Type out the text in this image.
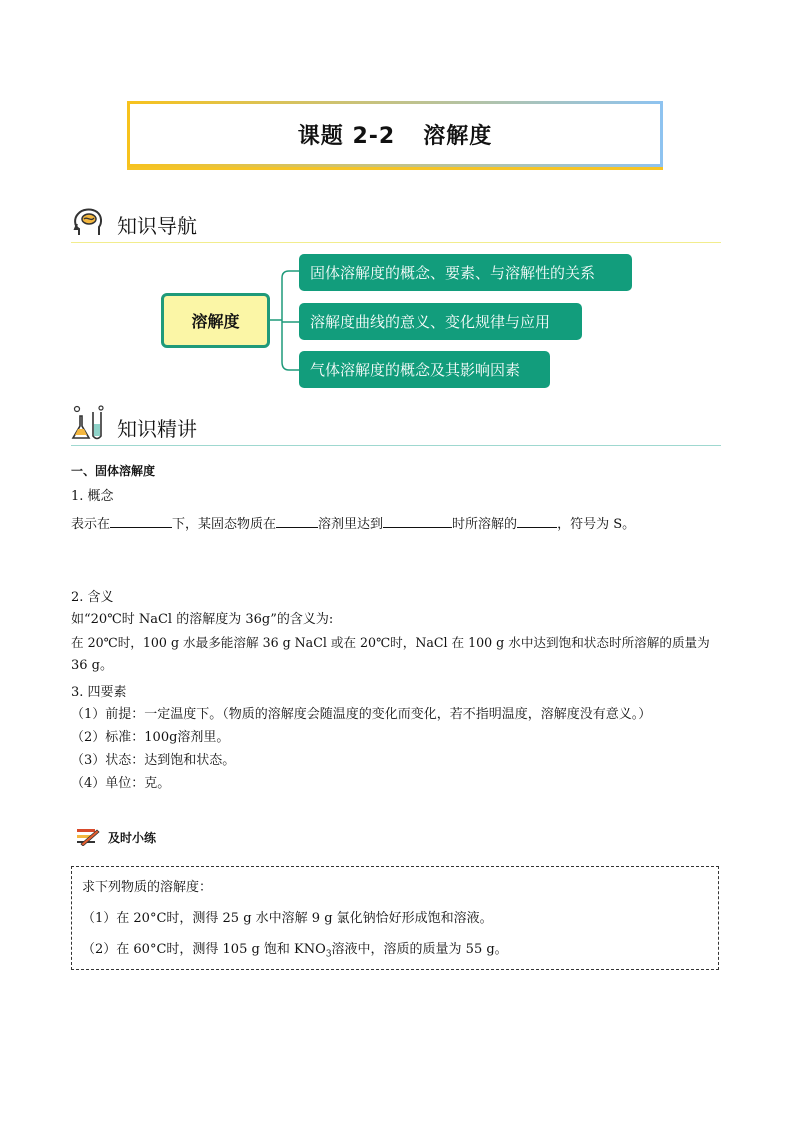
课题 2-2 溶解度
知识导航
溶解度
固体溶解度的概念、要素、与溶解性的关系
溶解度曲线的意义、变化规律与应用
气体溶解度的概念及其影响因素
知识精讲
一、固体溶解度
1. 概念
表示在	下，某固态物质在	溶剂里达到	时所溶解的	，符号为 S。
2. 含义
如“20℃时 NaCl 的溶解度为 36g”的含义为:
在 20℃时，100 g 水最多能溶解 36 g NaCl 或在 20℃时，NaCl 在 100 g 水中达到饱和状态时所溶解的质量为
36 g。
3. 四要素
（1）前提：一定温度下。（物质的溶解度会随温度的变化而变化，若不指明温度，溶解度没有意义。）
（2）标准：100g溶剂里。
（3）状态：达到饱和状态。
（4）单位：克。
及时小练
求下列物质的溶解度：
（1）在 20°C时，测得 25 g 水中溶解 9 g 氯化钠恰好形成饱和溶液。
（2）在 60°C时，测得 105 g 饱和 $KNO_3$溶液中，溶质的质量为 55 g。
